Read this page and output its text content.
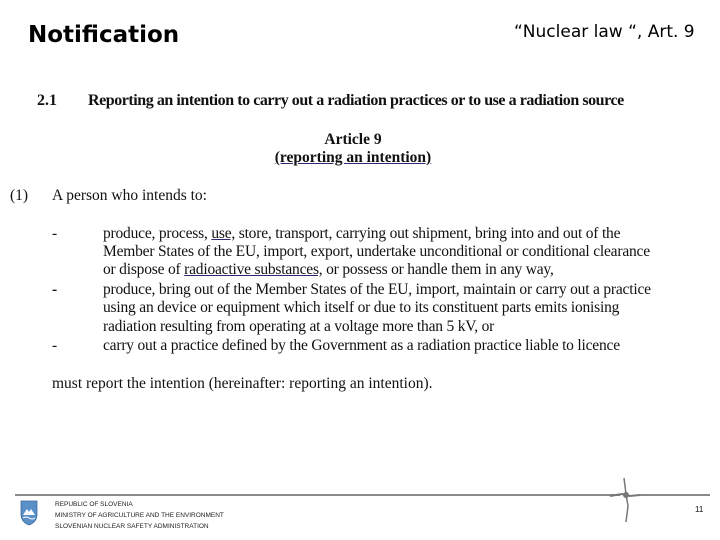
Notification	“Nuclear law “, Art. 9
2.1 Reporting an intention to carry out a radiation practices or to use a radiation source
Article 9
(reporting an intention)
(1) A person who intends to:
-	produce, process, use, store, transport, carrying out shipment, bring into and out of the
Member States of the EU, import, export, undertake unconditional or conditional clearance
or dispose of radioactive substances, or possess or handle them in any way,
-	produce, bring out of the Member States of the EU, import, maintain or carry out a practice
using an device or equipment which itself or due to its constituent parts emits ionising
radiation resulting from operating at a voltage more than 5 kV, or
-	carry out a practice defined by the Government as a radiation practice liable to licence
must report the intention (hereinafter: reporting an intention).
REPUBLIC OF SLOVENIA
MINISTRY OF AGRICULTURE AND THE ENVIRONMENT
SLOVENIAN NUCLEAR SAFETY ADMINISTRATION
11
